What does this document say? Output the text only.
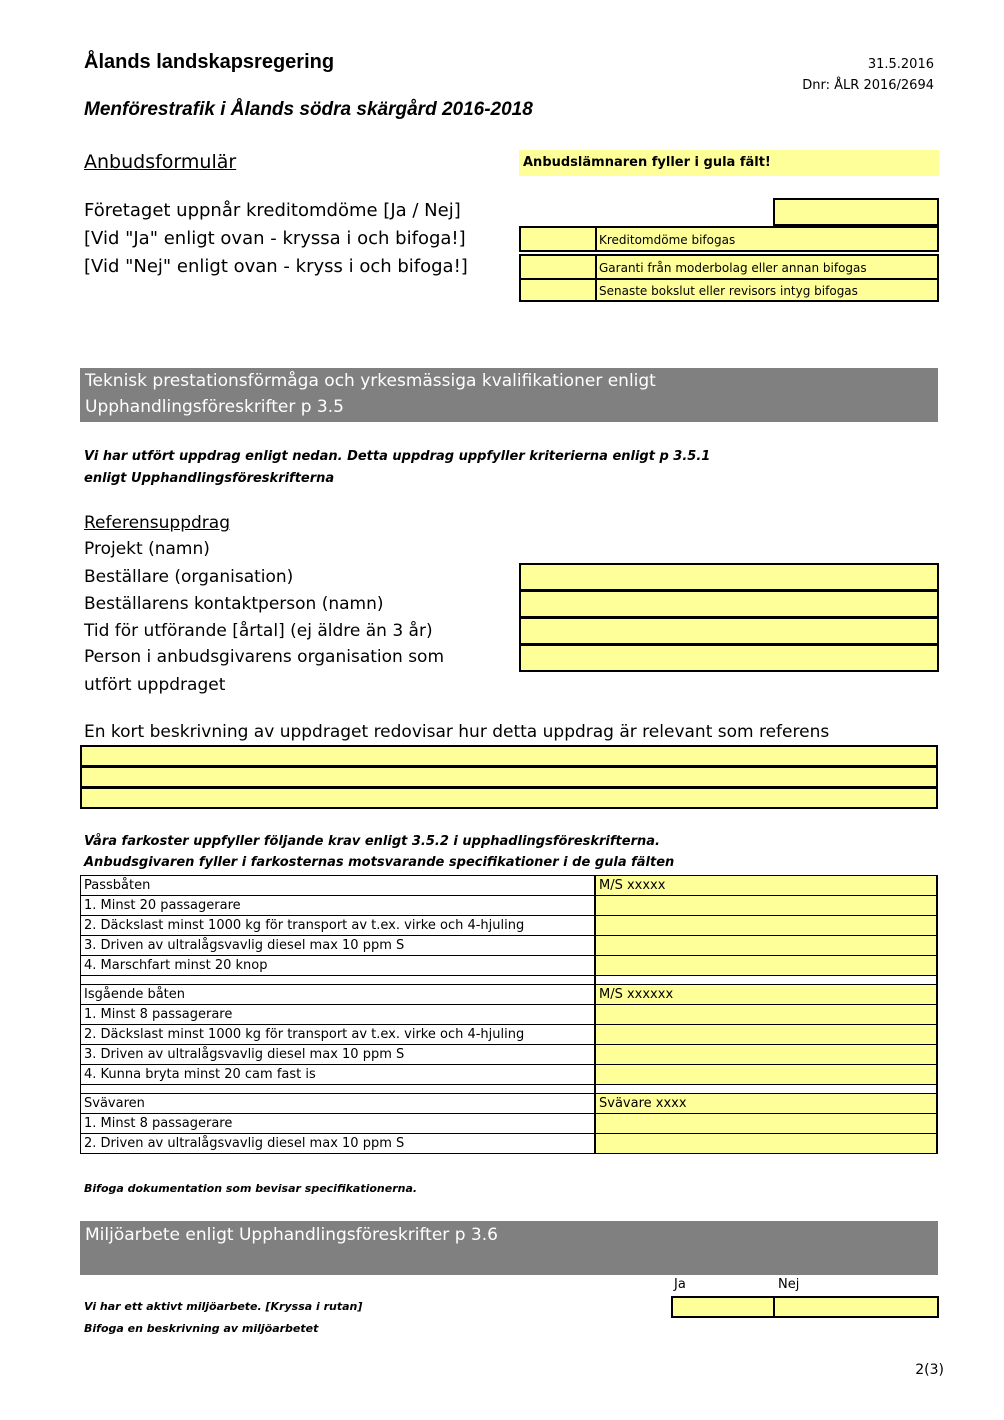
Ålands landskapsregering	31.5.2016
Dnr: ÅLR 2016/2694
Menförestrafik i Ålands södra skärgård 2016-2018
Anbudsformulär	Anbudslämnaren fyller i gula fält!
Företaget uppnår kreditomdöme [Ja / Nej]
[Vid "Ja" enligt ovan - kryssa i och bifoga!]
[Vid "Nej" enligt ovan - kryss i och bifoga!]
Kreditomdöme bifogas
Garanti från moderbolag eller annan bifogas
Senaste bokslut eller revisors intyg bifogas
Teknisk prestationsförmåga och yrkesmässiga kvalifikationer enligt
Upphandlingsföreskrifter p 3.5
Vi har utfört uppdrag enligt nedan. Detta uppdrag uppfyller kriterierna enligt p 3.5.1
enligt Upphandlingsföreskrifterna
Referensuppdrag
Projekt (namn)
Beställare (organisation)
Beställarens kontaktperson (namn)
Tid för utförande [årtal] (ej äldre än 3 år)
Person i anbudsgivarens organisation som
utfört uppdraget
En kort beskrivning av uppdraget redovisar hur detta uppdrag är relevant som referens
Våra farkoster uppfyller följande krav enligt 3.5.2 i upphadlingsföreskrifterna.
Anbudsgivaren fyller i farkosternas motsvarande specifikationer i de gula fälten
Passbåten	M/S xxxxx
1. Minst 20 passagerare	
2. Däckslast minst 1000 kg för transport av t.ex. virke och 4-hjuling	
3. Driven av ultralågsvavlig diesel max 10 ppm S	
4. Marschfart minst 20 knop	

Isgående båten	M/S xxxxxx
1. Minst 8 passagerare	
2. Däckslast minst 1000 kg för transport av t.ex. virke och 4-hjuling	
3. Driven av ultralågsvavlig diesel max 10 ppm S	
4. Kunna bryta minst 20 cam fast is	

Svävaren	Svävare xxxx
1. Minst 8 passagerare	
2. Driven av ultralågsvavlig diesel max 10 ppm S	
Bifoga dokumentation som bevisar specifikationerna.
Miljöarbete enligt Upphandlingsföreskrifter p 3.6
Ja	Nej
Vi har ett aktivt miljöarbete. [Kryssa i rutan]
Bifoga en beskrivning av miljöarbetet
2(3)
